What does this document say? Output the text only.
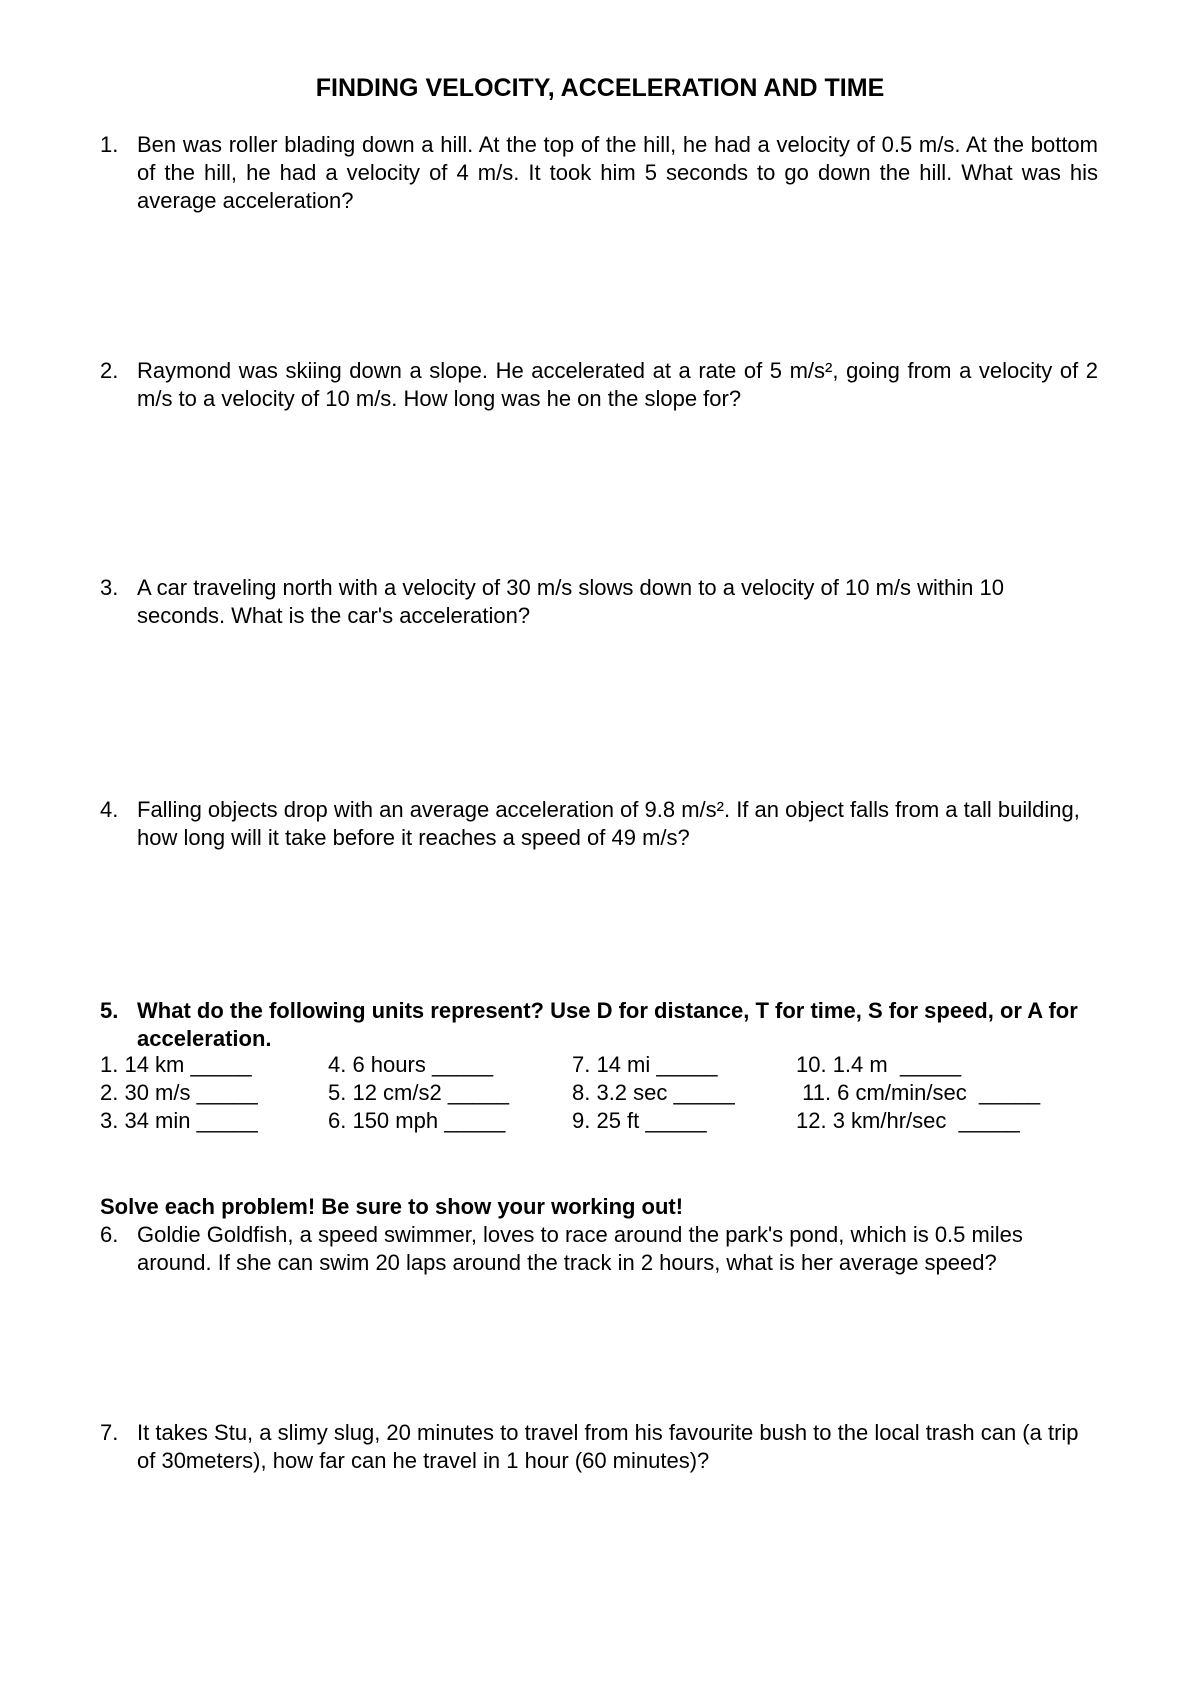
FINDING VELOCITY, ACCELERATION AND TIME
1. Ben was roller blading down a hill. At the top of the hill, he had a velocity of 0.5 m/s. At the bottom of the hill, he had a velocity of 4 m/s. It took him 5 seconds to go down the hill. What was his average acceleration?
2. Raymond was skiing down a slope. He accelerated at a rate of 5 m/s², going from a velocity of 2 m/s to a velocity of 10 m/s. How long was he on the slope for?
3. A car traveling north with a velocity of 30 m/s slows down to a velocity of 10 m/s within 10 seconds. What is the car's acceleration?
4. Falling objects drop with an average acceleration of 9.8 m/s². If an object falls from a tall building, how long will it take before it reaches a speed of 49 m/s?
5. What do the following units represent? Use D for distance, T for time, S for speed, or A for acceleration.
1. 14 km _____	4. 6 hours _____	7. 14 mi _____	10. 1.4 m  _____
2. 30 m/s _____	5. 12 cm/s2 _____	8. 3.2 sec _____	11. 6 cm/min/sec  _____
3. 34 min _____	6. 150 mph _____	9. 25 ft _____	12. 3 km/hr/sec  _____
Solve each problem! Be sure to show your working out!
6. Goldie Goldfish, a speed swimmer, loves to race around the park's pond, which is 0.5 miles around. If she can swim 20 laps around the track in 2 hours, what is her average speed?
7. It takes Stu, a slimy slug, 20 minutes to travel from his favourite bush to the local trash can (a trip of 30meters), how far can he travel in 1 hour (60 minutes)?
